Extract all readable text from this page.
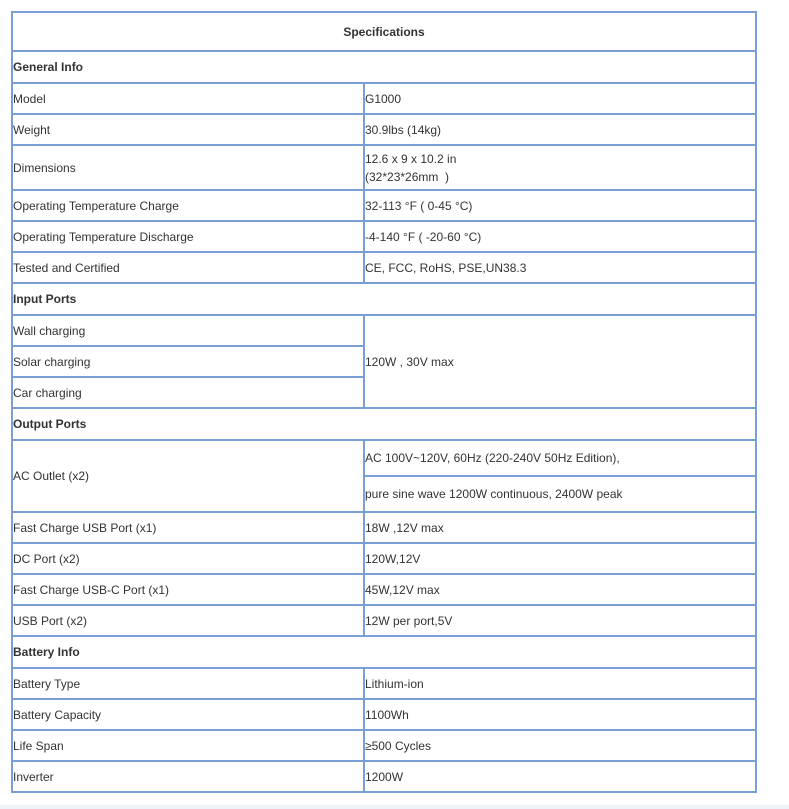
Specifications	
General Info	
Model	G1000
Weight	30.9lbs (14kg)
Dimensions	12.6 x 9 x 10.2 in
(32*23*26mm  )

Operating Temperature Charge	32-113 °F ( 0-45 °C)
Operating Temperature Discharge	-4-140 °F ( -20-60 °C)
Tested and Certified	CE, FCC, RoHS, PSE,UN38.3
Input Ports	
Wall charging	120W , 30V max
Solar charging	
Car charging	
Output Ports	
AC Outlet (x2)	AC 100V~120V, 60Hz (220-240V 50Hz Edition),
	pure sine wave 1200W continuous, 2400W peak
Fast Charge USB Port (x1)	18W ,12V max
DC Port (x2)	120W,12V
Fast Charge USB-C Port (x1)	45W,12V max
USB Port (x2)	12W per port,5V
Battery Info	
Battery Type	Lithium-ion
Battery Capacity	1100Wh
Life Span	≥500 Cycles
Inverter	1200W
